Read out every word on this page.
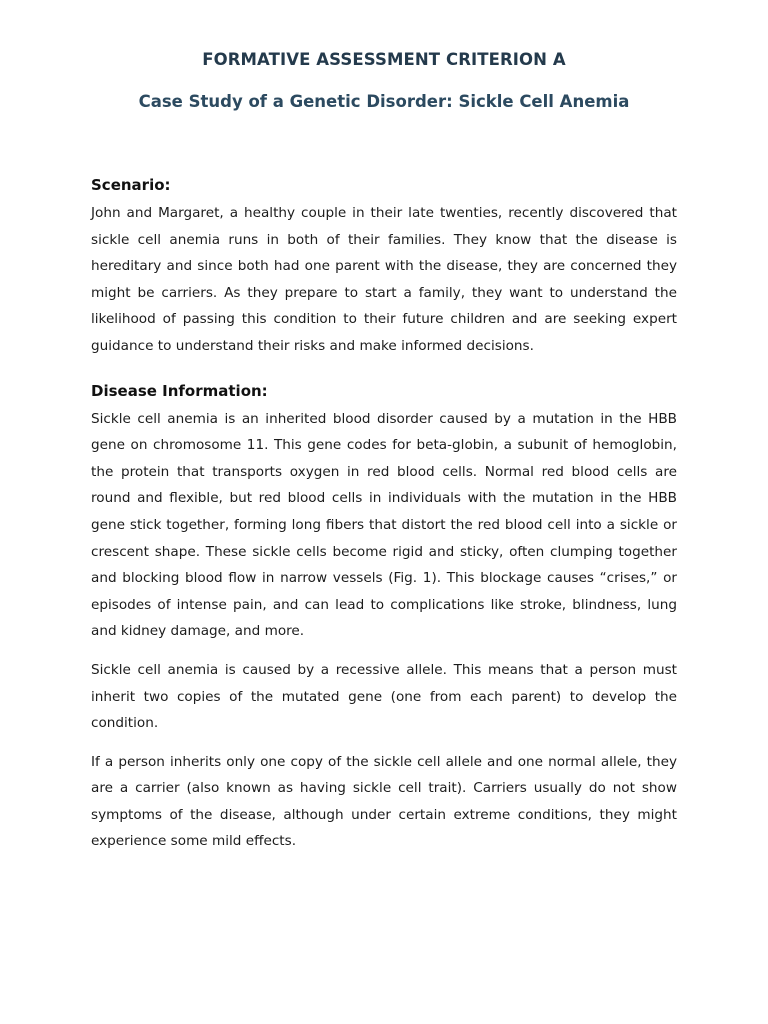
FORMATIVE ASSESSMENT CRITERION A
Case Study of a Genetic Disorder: Sickle Cell Anemia
Scenario:

John and Margaret, a healthy couple in their late twenties, recently discovered that sickle cell anemia runs in both of their families. They know that the disease is hereditary and since both had one parent with the disease, they are concerned they might be carriers. As they prepare to start a family, they want to understand the likelihood of passing this condition to their future children and are seeking expert guidance to understand their risks and make informed decisions.

Disease Information:

Sickle cell anemia is an inherited blood disorder caused by a mutation in the HBB gene on chromosome 11. This gene codes for beta-globin, a subunit of hemoglobin, the protein that transports oxygen in red blood cells. Normal red blood cells are round and flexible, but red blood cells in individuals with the mutation in the HBB gene stick together, forming long fibers that distort the red blood cell into a sickle or crescent shape. These sickle cells become rigid and sticky, often clumping together and blocking blood flow in narrow vessels (Fig. 1). This blockage causes “crises,” or episodes of intense pain, and can lead to complications like stroke, blindness, lung and kidney damage, and more.

Sickle cell anemia is caused by a recessive allele. This means that a person must inherit two copies of the mutated gene (one from each parent) to develop the condition.

If a person inherits only one copy of the sickle cell allele and one normal allele, they are a carrier (also known as having sickle cell trait). Carriers usually do not show symptoms of the disease, although under certain extreme conditions, they might experience some mild effects.
